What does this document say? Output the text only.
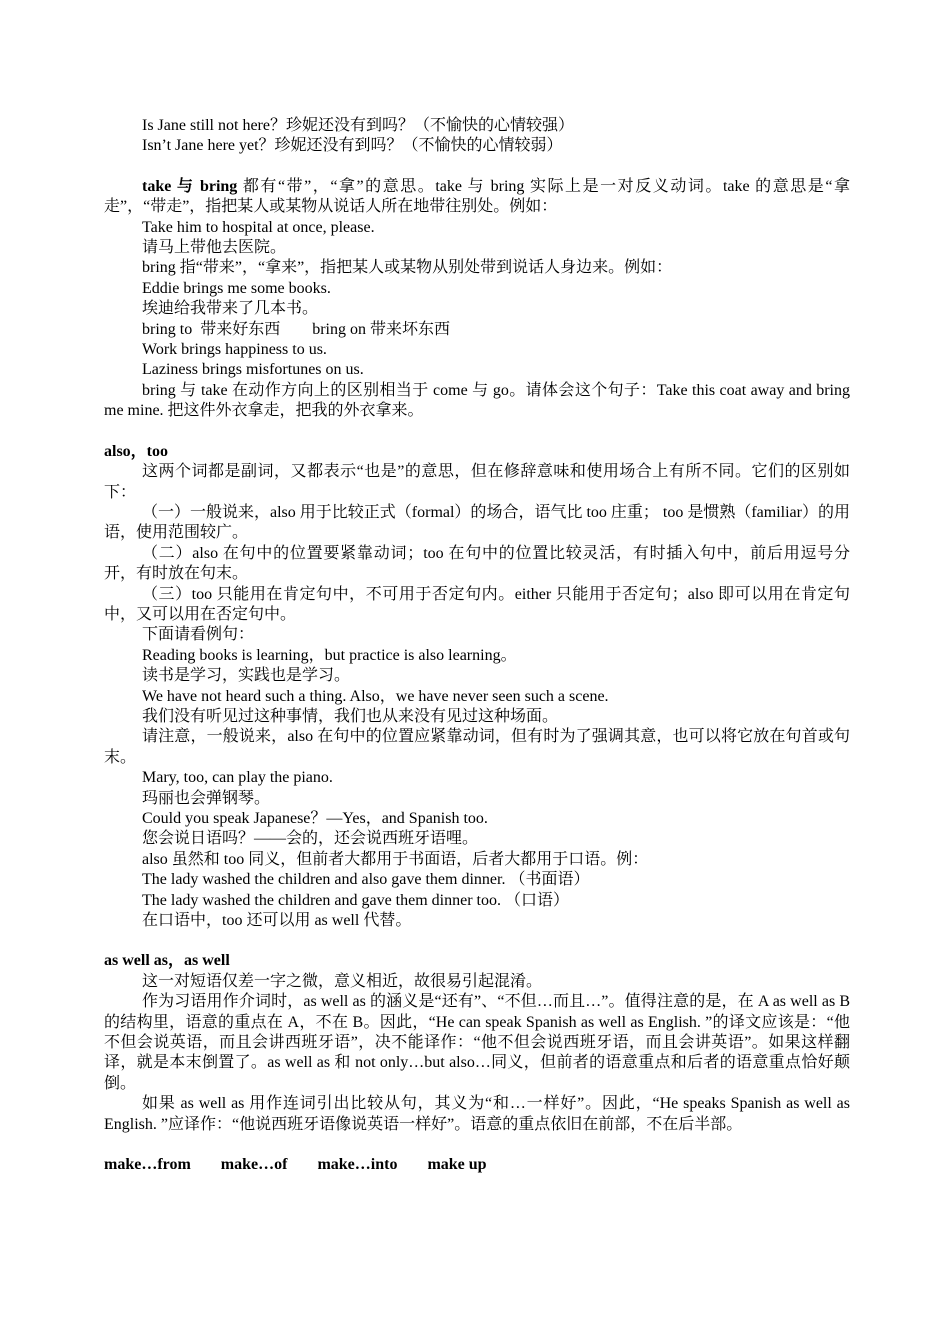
Is Jane still not here？珍妮还没有到吗？（不愉快的心情较强）

Isn’t Jane here yet？珍妮还没有到吗？（不愉快的心情较弱）

take 与 bring 都有“带”，“拿”的意思。take 与 bring 实际上是一对反义动词。take 的意思是“拿走”，“带走”，指把某人或某物从说话人所在地带往别处。例如：

Take him to hospital at once, please.

请马上带他去医院。

bring 指“带来”，“拿来”，指把某人或某物从别处带到说话人身边来。例如：

Eddie brings me some books.

埃迪给我带来了几本书。

bring to  带来好东西        bring on 带来坏东西

Work brings happiness to us.

Laziness brings misfortunes on us.

bring 与 take 在动作方向上的区别相当于 come 与 go。请体会这个句子：Take this coat away and bring me mine. 把这件外衣拿走，把我的外衣拿来。

also，too

这两个词都是副词，又都表示“也是”的意思，但在修辞意味和使用场合上有所不同。它们的区别如下：

（一）一般说来，also 用于比较正式（formal）的场合，语气比 too 庄重； too 是惯熟（familiar）的用语，使用范围较广。

（二）also 在句中的位置要紧靠动词；too 在句中的位置比较灵活，有时插入句中，前后用逗号分开，有时放在句末。

（三）too 只能用在肯定句中，不可用于否定句内。either 只能用于否定句；also 即可以用在肯定句中，又可以用在否定句中。

下面请看例句：

Reading books is learning，but practice is also learning。

读书是学习，实践也是学习。

We have not heard such a thing. Also，we have never seen such a scene.

我们没有听见过这种事情，我们也从来没有见过这种场面。

请注意，一般说来，also 在句中的位置应紧靠动词，但有时为了强调其意，也可以将它放在句首或句末。

Mary, too, can play the piano.

玛丽也会弹钢琴。

Could you speak Japanese？—Yes，and Spanish too.

您会说日语吗？——会的，还会说西班牙语哩。

also 虽然和 too 同义，但前者大都用于书面语，后者大都用于口语。例：

The lady washed the children and also gave them dinner. （书面语）

The lady washed the children and gave them dinner too. （口语）

在口语中，too 还可以用 as well 代替。

as well as，as well

这一对短语仅差一字之微，意义相近，故很易引起混淆。

作为习语用作介词时，as well as 的涵义是“还有”、“不但…而且…”。值得注意的是，在 A as well as B 的结构里，语意的重点在 A，不在 B。因此，“He can speak Spanish as well as English. ”的译文应该是：“他不但会说英语，而且会讲西班牙语”，决不能译作：“他不但会说西班牙语，而且会讲英语”。如果这样翻译，就是本末倒置了。as well as 和 not only…but also…同义，但前者的语意重点和后者的语意重点恰好颠倒。

如果 as well as 用作连词引出比较从句，其义为“和…一样好”。因此，“He speaks Spanish as well as English. ”应译作：“他说西班牙语像说英语一样好”。语意的重点依旧在前部，不在后半部。

make…from make…of make…into make up
